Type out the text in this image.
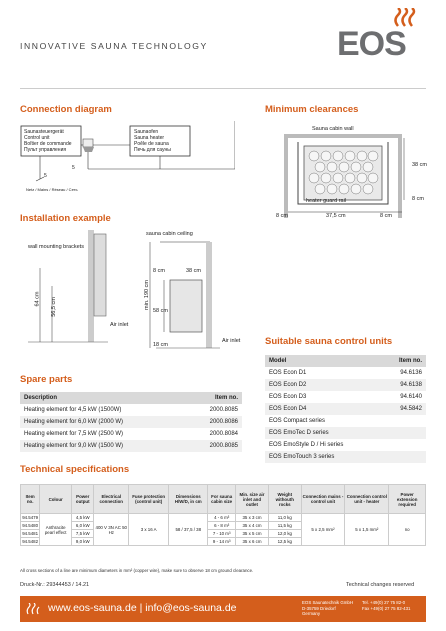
INNOVATIVE SAUNA TECHNOLOGY	EOS
Connection diagram
Saunasteuergerät
Control unit
Boîtier de commande
Пульт управления
Saunaofen
Sauna heater
Poêle de sauna
Печь для сауны
Netz / Mains / Réseau / Сеть
5
5
Minimum clearances
Sauna cabin wall
heater guard rail
38 cm
8 cm
8 cm	37,5 cm	8 cm
Installation example
sauna cabin ceiling
wall mounting brackets
Air inlet
Air inlet
64 cm 56,5 cm
8 cm	38 cm
min. 190 cm
58 cm
18 cm	Suitable sauna control units
Model	Item no.
EOS Econ D1	94.6136
EOS Econ D2	94.6138
EOS Econ D3	94.6140
EOS Econ D4	94.5842
EOS Compact series	
EOS EmoTec D series	
EOS EmoStyle D / Hi series	
EOS EmoTouch 3 series	
Spare parts
Description	Item no.
Heating element for 4,5 kW (1500W)	2000.8085
Heating element for 6,0 kW (2000 W)	2000.8086
Heating element for 7,5 kW (2500 W)	2000.8084
Heating element for 9,0 kW (1500 W)	2000.8085
Technical specifications
Item no.	Colour	Power output	Electrical connection	Fuse protection (control unit)	Dimensions H/W/D, in cm	For sauna cabin size	Min. size air inlet and outlet	Weight withouth rocks	Connection mains - control unit	Connection control unit - heater	Power extension required
94.5479	Anthracite pearl effect	4,5 kW	400 V 3N AC 50 Hz	3 x 16 A	58 / 37,5 / 38	4 - 6 m³	35 x 3 cm	11,0 kg	5 x 2,5 mm²	5 x 1,5 mm²	no
94.5480		6,0 kW				6 - 8 m³	35 x 4 cm	11,5 kg			
94.5481		7,5 kW				7 - 10 m³	35 x 5 cm	12,0 kg			
94.5482		9,0 kW				9 - 14 m³	35 x 6 cm	12,5 kg			
All cross sections of a line are minimum diameters in mm² (copper wire), make sure to observe 18 cm ground clearance.
Druck-Nr.: 29344453 / 14.21	Technical changes reserved
www.eos-sauna.de | info@eos-sauna.de	EOS Saunatechnik GmbH
D-35759 Driedorf
Germany
Tel. +49(0) 27 75 82-0
Fax +49(0) 27 75 82-431
